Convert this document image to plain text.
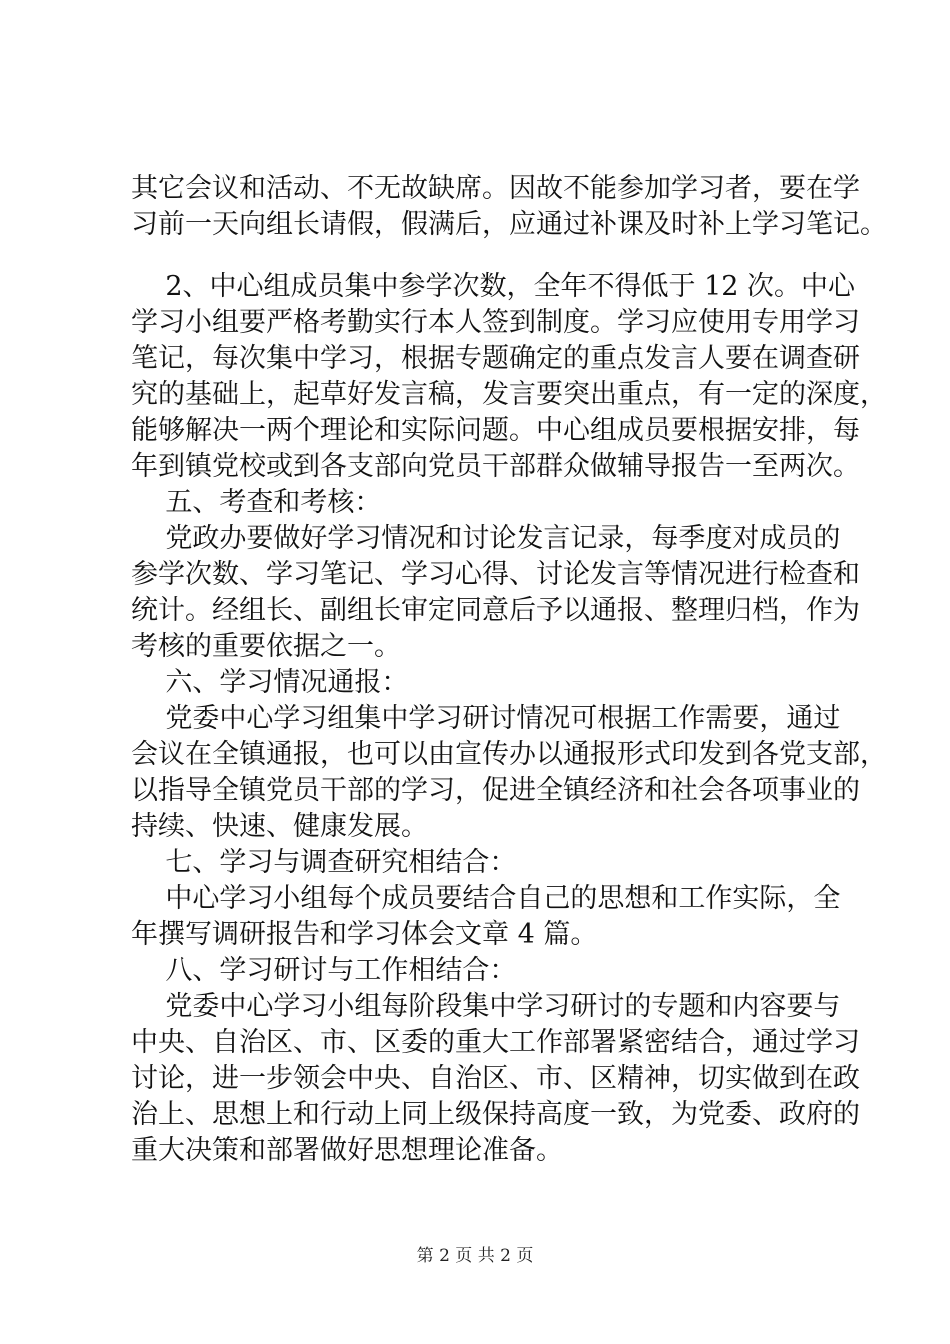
其它会议和活动、不无故缺席。因故不能参加学习者，要在学
习前一天向组长请假，假满后，应通过补课及时补上学习笔记。
2、中心组成员集中参学次数，全年不得低于 12 次。中心
学习小组要严格考勤实行本人签到制度。学习应使用专用学习
笔记，每次集中学习，根据专题确定的重点发言人要在调查研
究的基础上，起草好发言稿，发言要突出重点，有一定的深度，
能够解决一两个理论和实际问题。中心组成员要根据安排，每
年到镇党校或到各支部向党员干部群众做辅导报告一至两次。
五、考查和考核：
党政办要做好学习情况和讨论发言记录，每季度对成员的
参学次数、学习笔记、学习心得、讨论发言等情况进行检查和
统计。经组长、副组长审定同意后予以通报、整理归档，作为
考核的重要依据之一。
六、学习情况通报：
党委中心学习组集中学习研讨情况可根据工作需要，通过
会议在全镇通报，也可以由宣传办以通报形式印发到各党支部，
以指导全镇党员干部的学习，促进全镇经济和社会各项事业的
持续、快速、健康发展。
七、学习与调查研究相结合：
中心学习小组每个成员要结合自己的思想和工作实际，全
年撰写调研报告和学习体会文章 4 篇。
八、学习研讨与工作相结合：
党委中心学习小组每阶段集中学习研讨的专题和内容要与
中央、自治区、市、区委的重大工作部署紧密结合，通过学习
讨论，进一步领会中央、自治区、市、区精神，切实做到在政
治上、思想上和行动上同上级保持高度一致，为党委、政府的
重大决策和部署做好思想理论准备。
第 2 页 共 2 页
